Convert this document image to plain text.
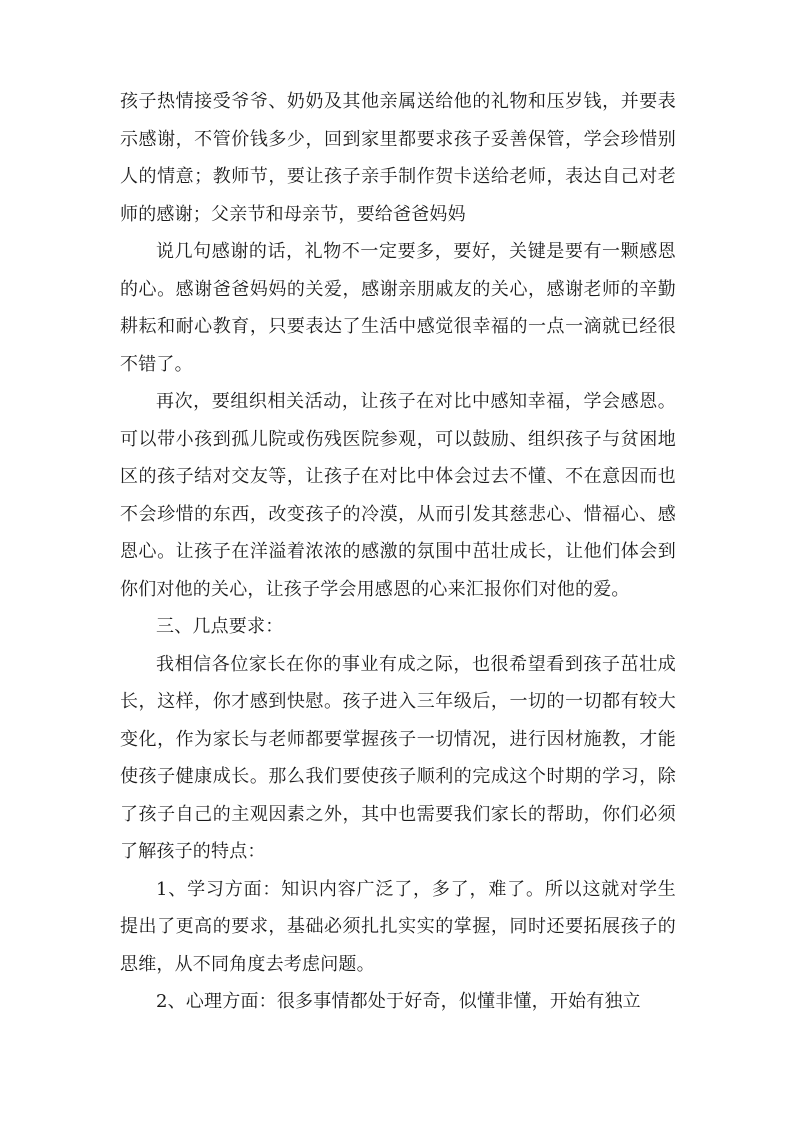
孩子热情接受爷爷、奶奶及其他亲属送给他的礼物和压岁钱，并要表示感谢，不管价钱多少，回到家里都要求孩子妥善保管，学会珍惜别人的情意；教师节，要让孩子亲手制作贺卡送给老师，表达自己对老师的感谢；父亲节和母亲节，要给爸爸妈妈

说几句感谢的话，礼物不一定要多，要好，关键是要有一颗感恩的心。感谢爸爸妈妈的关爱，感谢亲朋戚友的关心，感谢老师的辛勤耕耘和耐心教育，只要表达了生活中感觉很幸福的一点一滴就已经很不错了。

再次，要组织相关活动，让孩子在对比中感知幸福，学会感恩。可以带小孩到孤儿院或伤残医院参观，可以鼓励、组织孩子与贫困地区的孩子结对交友等，让孩子在对比中体会过去不懂、不在意因而也不会珍惜的东西，改变孩子的冷漠，从而引发其慈悲心、惜福心、感恩心。让孩子在洋溢着浓浓的感激的氛围中茁壮成长，让他们体会到你们对他的关心，让孩子学会用感恩的心来汇报你们对他的爱。

三、几点要求：

我相信各位家长在你的事业有成之际，也很希望看到孩子茁壮成长，这样，你才感到快慰。孩子进入三年级后，一切的一切都有较大变化，作为家长与老师都要掌握孩子一切情况，进行因材施教，才能使孩子健康成长。那么我们要使孩子顺利的完成这个时期的学习，除了孩子自己的主观因素之外，其中也需要我们家长的帮助，你们必须了解孩子的特点：

1、学习方面：知识内容广泛了，多了，难了。所以这就对学生提出了更高的要求，基础必须扎扎实实的掌握，同时还要拓展孩子的思维，从不同角度去考虑问题。

2、心理方面：很多事情都处于好奇，似懂非懂，开始有独立
